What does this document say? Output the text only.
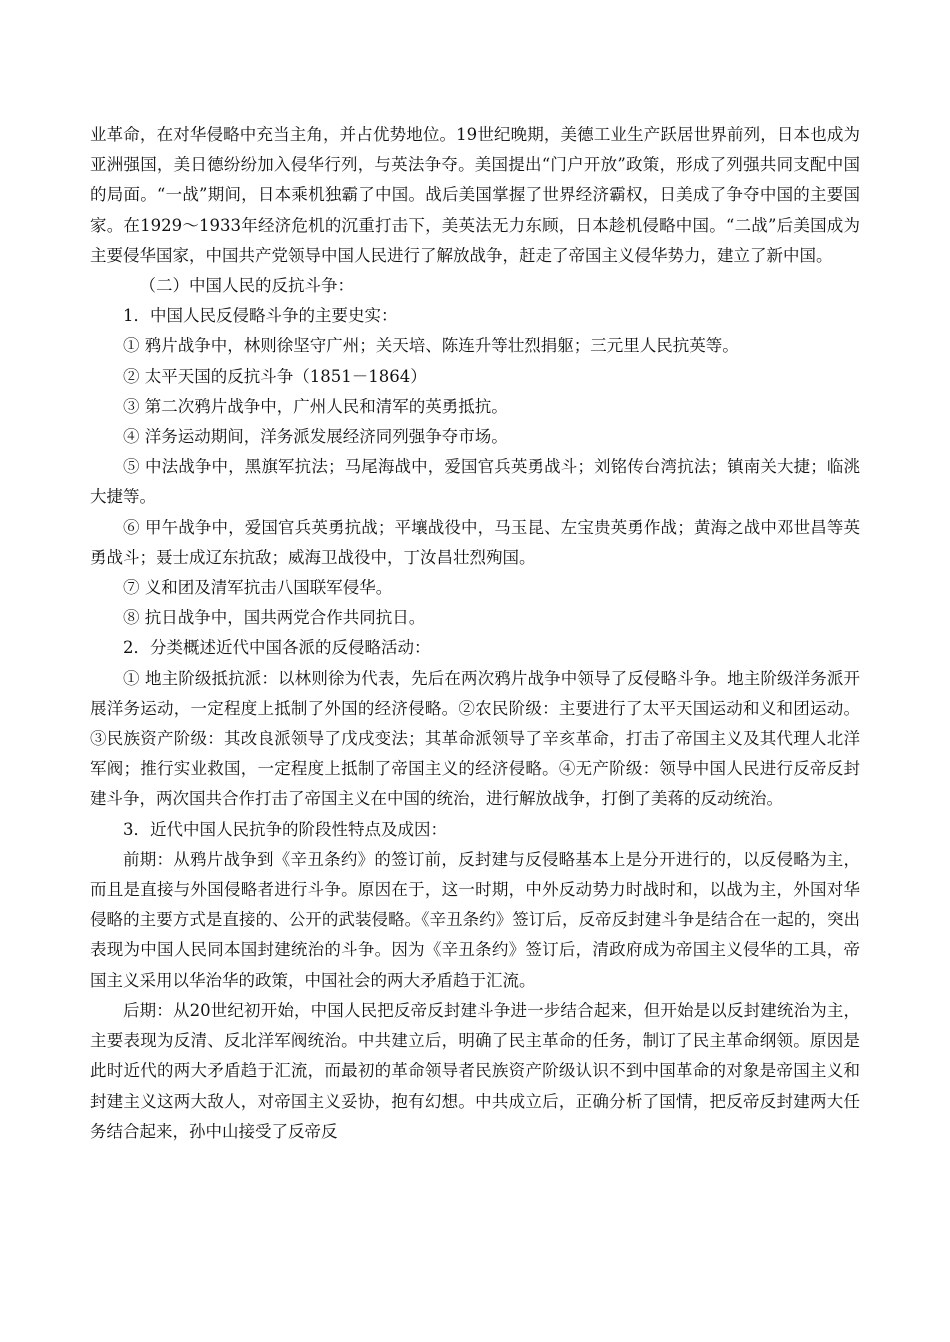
业革命，在对华侵略中充当主角，并占优势地位。19世纪晚期，美德工业生产跃居世界前列，日本也成为亚洲强国，美日德纷纷加入侵华行列，与英法争夺。美国提出“门户开放”政策，形成了列强共同支配中国的局面。“一战”期间，日本乘机独霸了中国。战后美国掌握了世界经济霸权，日美成了争夺中国的主要国家。在1929～1933年经济危机的沉重打击下，美英法无力东顾，日本趁机侵略中国。“二战”后美国成为主要侵华国家，中国共产党领导中国人民进行了解放战争，赶走了帝国主义侵华势力，建立了新中国。

（二）中国人民的反抗斗争：

1．中国人民反侵略斗争的主要史实：

① 鸦片战争中，林则徐坚守广州；关天培、陈连升等壮烈捐躯；三元里人民抗英等。

② 太平天国的反抗斗争（1851－1864）

③ 第二次鸦片战争中，广州人民和清军的英勇抵抗。

④ 洋务运动期间，洋务派发展经济同列强争夺市场。

⑤ 中法战争中，黑旗军抗法；马尾海战中，爱国官兵英勇战斗；刘铭传台湾抗法；镇南关大捷；临洮大捷等。

⑥ 甲午战争中，爱国官兵英勇抗战；平壤战役中，马玉昆、左宝贵英勇作战；黄海之战中邓世昌等英勇战斗；聂士成辽东抗敌；威海卫战役中，丁汝昌壮烈殉国。

⑦ 义和团及清军抗击八国联军侵华。

⑧ 抗日战争中，国共两党合作共同抗日。

2．分类概述近代中国各派的反侵略活动：

① 地主阶级抵抗派：以林则徐为代表，先后在两次鸦片战争中领导了反侵略斗争。地主阶级洋务派开展洋务运动，一定程度上抵制了外国的经济侵略。②农民阶级：主要进行了太平天国运动和义和团运动。③民族资产阶级：其改良派领导了戊戌变法；其革命派领导了辛亥革命，打击了帝国主义及其代理人北洋军阀；推行实业救国，一定程度上抵制了帝国主义的经济侵略。④无产阶级：领导中国人民进行反帝反封建斗争，两次国共合作打击了帝国主义在中国的统治，进行解放战争，打倒了美蒋的反动统治。

3．近代中国人民抗争的阶段性特点及成因：

前期：从鸦片战争到《辛丑条约》的签订前，反封建与反侵略基本上是分开进行的，以反侵略为主，而且是直接与外国侵略者进行斗争。原因在于，这一时期，中外反动势力时战时和，以战为主，外国对华侵略的主要方式是直接的、公开的武装侵略。《辛丑条约》签订后，反帝反封建斗争是结合在一起的，突出表现为中国人民同本国封建统治的斗争。因为《辛丑条约》签订后，清政府成为帝国主义侵华的工具，帝国主义采用以华治华的政策，中国社会的两大矛盾趋于汇流。

后期：从20世纪初开始，中国人民把反帝反封建斗争进一步结合起来，但开始是以反封建统治为主，主要表现为反清、反北洋军阀统治。中共建立后，明确了民主革命的任务，制订了民主革命纲领。原因是此时近代的两大矛盾趋于汇流，而最初的革命领导者民族资产阶级认识不到中国革命的对象是帝国主义和封建主义这两大敌人，对帝国主义妥协，抱有幻想。中共成立后，正确分析了国情，把反帝反封建两大任务结合起来，孙中山接受了反帝反
